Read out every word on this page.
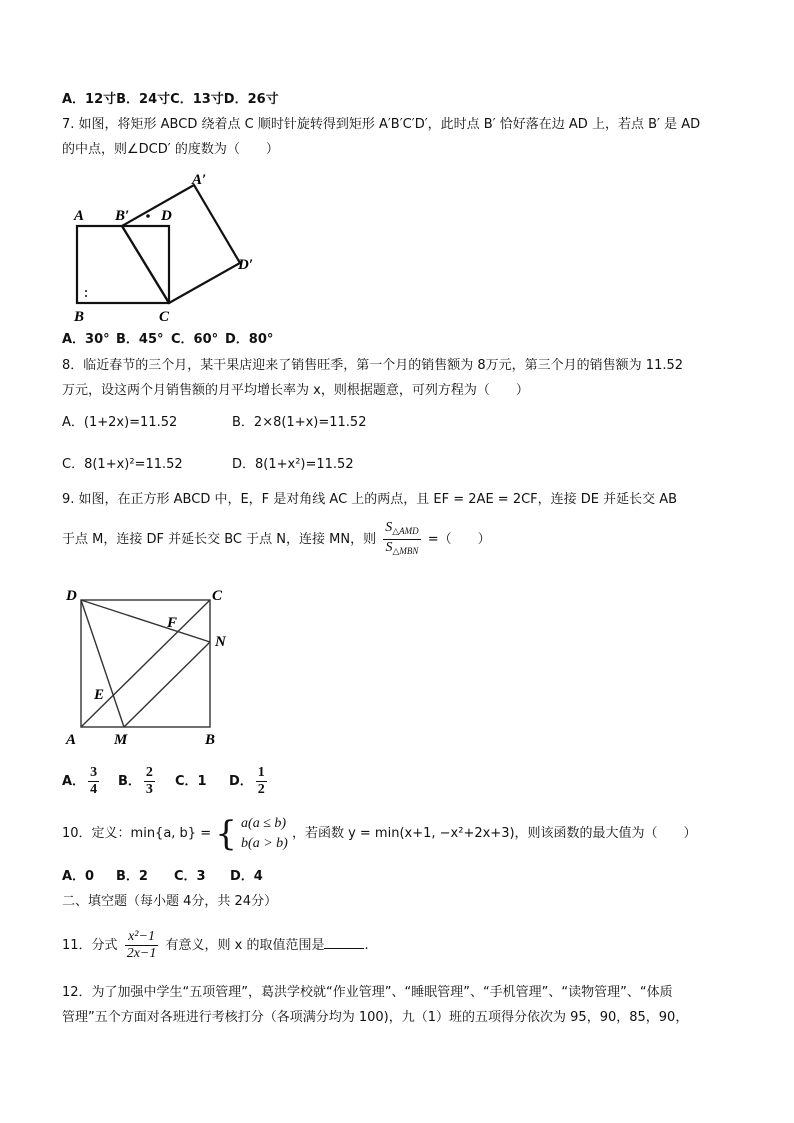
A．12寸B．24寸C．13寸D．26寸
7. 如图，将矩形 ABCD 绕着点 C 顺时针旋转得到矩形 A′B′C′D′，此时点 B′ 恰好落在边 AD 上，若点 B′ 是 AD
的中点，则∠DCD′ 的度数为（　　）
A B′ D
A′
D′
B	C
A．30° B．45° C．60° D．80°
8．临近春节的三个月，某干果店迎来了销售旺季，第一个月的销售额为 8万元，第三个月的销售额为 11.52
万元，设这两个月销售额的月平均增长率为 x，则根据题意，可列方程为（　　）
A．(1+2x)=11.52	B．2×8(1+x)=11.52
C．8(1+x)²=11.52	D．8(1+x²)=11.52
9. 如图，在正方形 ABCD 中，E，F 是对角线 AC 上的两点，且 EF = 2AE = 2CF，连接 DE 并延长交 AB
于点 M，连接 DF 并延长交 BC 于点 N，连接 MN，则 $\frac{S_{\triangle AMD}}{S_{\triangle MBN}}$ =（　　）
D	C
F
N
E
A	M	B
A． $\frac{3}{4}$ B． $\frac{2}{3}$ C．1 D． $\frac{1}{2}$
10．定义：min{a, b} = { a(a ≤ b)
b(a > b)
，若函数 y = min(x+1, −x²+2x+3)，则该函数的最大值为（　　）
A．0 B．2 C．3 D．4
二、填空题（每小题 4分，共 24分）
11．分式 $\frac{\text{x²−1}}{2x-1}$ 有意义，则 x 的取值范围是	.
12．为了加强中学生“五项管理”，葛洪学校就“作业管理”、“睡眠管理”、“手机管理”、“读物管理”、“体质
管理”五个方面对各班进行考核打分（各项满分均为 100)，九（1）班的五项得分依次为 95，90，85，90，
